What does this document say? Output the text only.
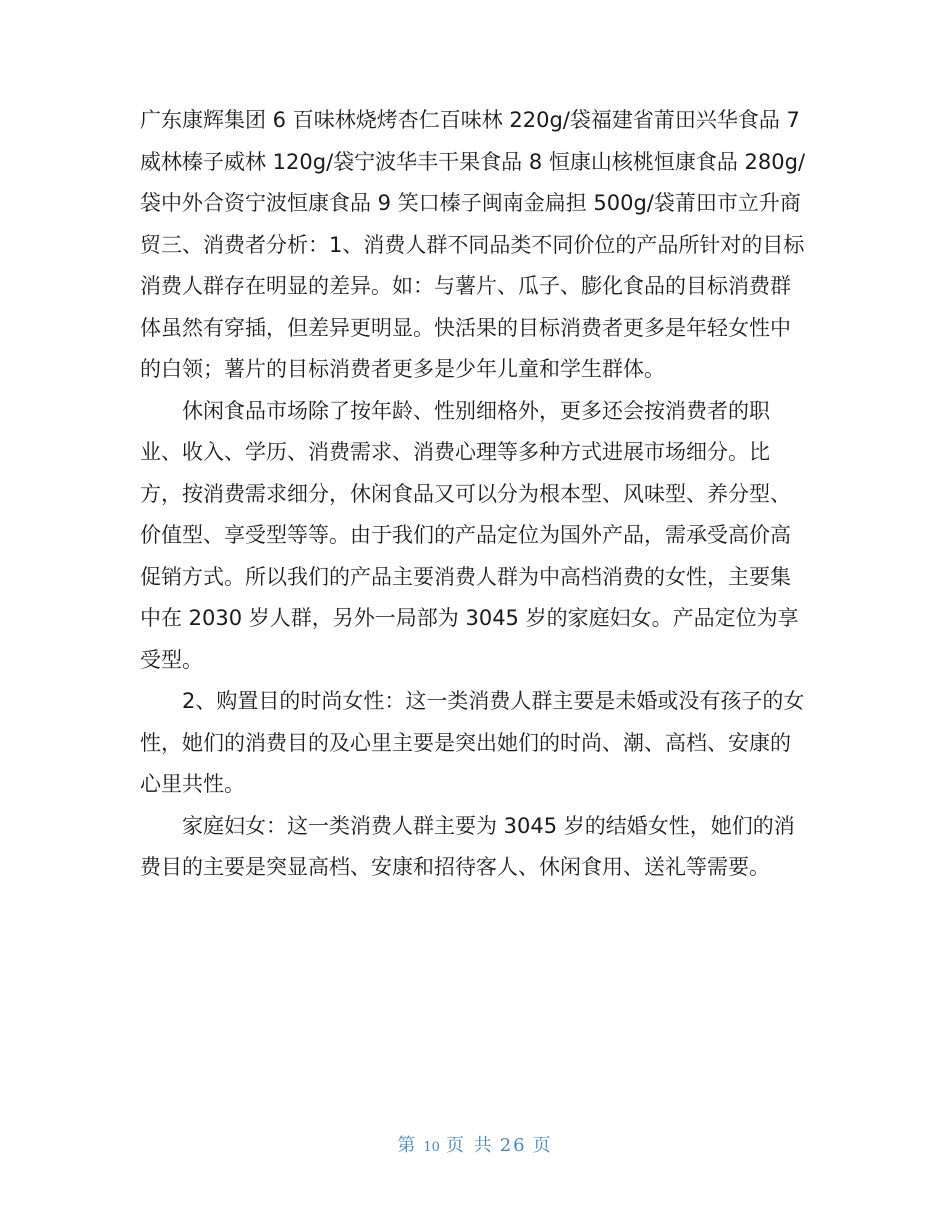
广东康辉集团 6 百味林烧烤杏仁百味林 220g/袋福建省莆田兴华食品 7 威林榛子威林 120g/袋宁波华丰干果食品 8 恒康山核桃恒康食品 280g/袋中外合资宁波恒康食品 9 笑口榛子闽南金扁担 500g/袋莆田市立升商贸三、消费者分析：1、消费人群不同品类不同价位的产品所针对的目标消费人群存在明显的差异。如：与薯片、瓜子、膨化食品的目标消费群体虽然有穿插，但差异更明显。快活果的目标消费者更多是年轻女性中的白领；薯片的目标消费者更多是少年儿童和学生群体。

休闲食品市场除了按年龄、性别细格外，更多还会按消费者的职业、收入、学历、消费需求、消费心理等多种方式进展市场细分。比方，按消费需求细分，休闲食品又可以分为根本型、风味型、养分型、价值型、享受型等等。由于我们的产品定位为国外产品，需承受高价高促销方式。所以我们的产品主要消费人群为中高档消费的女性，主要集中在 2030 岁人群，另外一局部为 3045 岁的家庭妇女。产品定位为享受型。

2、购置目的时尚女性：这一类消费人群主要是未婚或没有孩子的女性，她们的消费目的及心里主要是突出她们的时尚、潮、高档、安康的心里共性。

家庭妇女：这一类消费人群主要为 3045 岁的结婚女性，她们的消费目的主要是突显高档、安康和招待客人、休闲食用、送礼等需要。

第 10 页 共 26 页
